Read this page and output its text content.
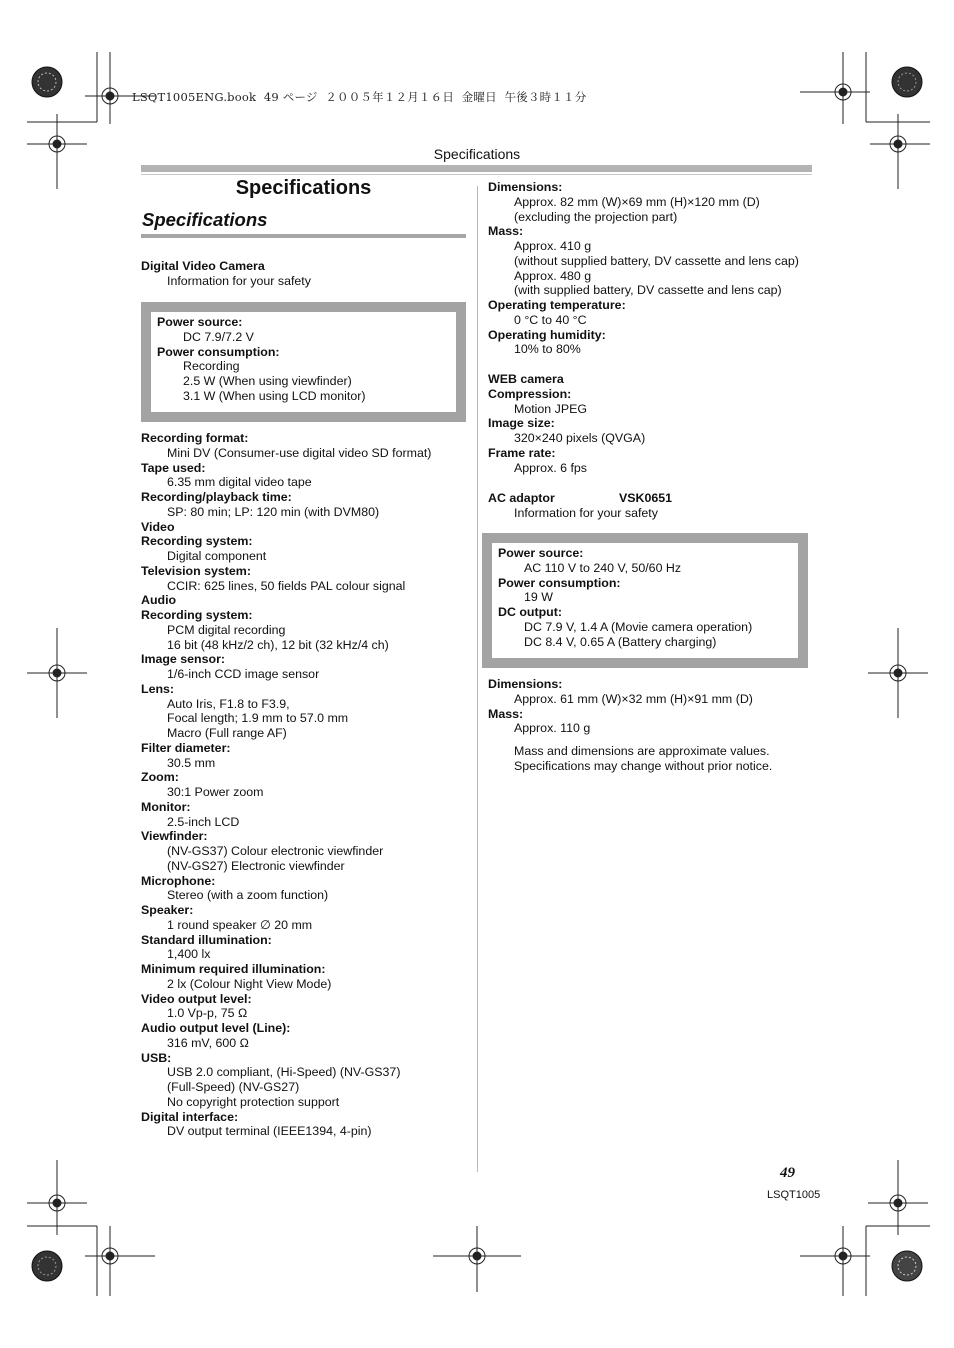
LSQT1005ENG.book  49 ページ  ２００５年１２月１６日  金曜日  午後３時１１分
Specifications
Specifications
Specifications
Digital Video Camera
Information for your safety
Power source:
DC 7.9/7.2 V
Power consumption:
Recording
2.5 W (When using viewfinder)
3.1 W (When using LCD monitor)
Recording format:
Mini DV (Consumer-use digital video SD format)
Tape used:
6.35 mm digital video tape
Recording/playback time:
SP: 80 min; LP: 120 min (with DVM80)
Video
Recording system:
Digital component
Television system:
CCIR: 625 lines, 50 fields PAL colour signal
Audio
Recording system:
PCM digital recording
16 bit (48 kHz/2 ch), 12 bit (32 kHz/4 ch)
Image sensor:
1/6-inch CCD image sensor
Lens:
Auto Iris, F1.8 to F3.9,
Focal length; 1.9 mm to 57.0 mm
Macro (Full range AF)
Filter diameter:
30.5 mm
Zoom:
30:1 Power zoom
Monitor:
2.5-inch LCD
Viewfinder:
(NV-GS37) Colour electronic viewfinder
(NV-GS27) Electronic viewfinder
Microphone:
Stereo (with a zoom function)
Speaker:
1 round speaker ∅ 20 mm
Standard illumination:
1,400 lx
Minimum required illumination:
2 lx (Colour Night View Mode)
Video output level:
1.0 Vp-p, 75 Ω
Audio output level (Line):
316 mV, 600 Ω
USB:
USB 2.0 compliant, (Hi-Speed) (NV-GS37)
(Full-Speed) (NV-GS27)
No copyright protection support
Digital interface:
DV output terminal (IEEE1394, 4-pin)
Dimensions:
Approx. 82 mm (W)×69 mm (H)×120 mm (D)
(excluding the projection part)
Mass:
Approx. 410 g
(without supplied battery, DV cassette and lens cap)
Approx. 480 g
(with supplied battery, DV cassette and lens cap)
Operating temperature:
0 °C to 40 °C
Operating humidity:
10% to 80%
WEB camera
Compression:
Motion JPEG
Image size:
320×240 pixels (QVGA)
Frame rate:
Approx. 6 fps
AC adaptor	VSK0651
Information for your safety
Power source:
AC 110 V to 240 V, 50/60 Hz
Power consumption:
19 W
DC output:
DC 7.9 V, 1.4 A (Movie camera operation)
DC 8.4 V, 0.65 A (Battery charging)
Dimensions:
Approx. 61 mm (W)×32 mm (H)×91 mm (D)
Mass:
Approx. 110 g
Mass and dimensions are approximate values.
Specifications may change without prior notice.
49
LSQT1005
